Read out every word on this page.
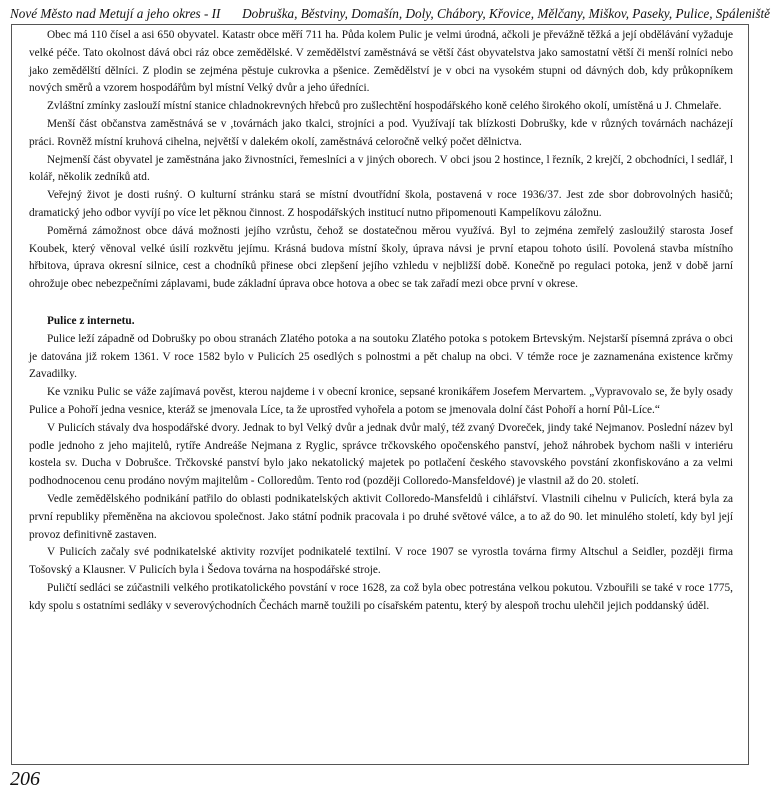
Nové Město nad Metují a jeho okres - II Dobruška, Běstviny, Domašín, Doly, Chábory, Křovice, Mělčany, Miškov, Paseky, Pulice, Spáleniště

Obec má 110 čísel a asi 650 obyvatel. Katastr obce měří 711 ha. Půda kolem Pulic je velmi úrodná, ačkoli je převážně těžká a její obdělávání vyžaduje velké péče. Tato okolnost dává obci ráz obce zemědělské. V zemědělství zaměstnává se větší část obyvatelstva jako samostatní větší či menší rolníci nebo jako zemědělští dělníci. Z plodin se zejména pěstuje cukrovka a pšenice. Zemědělství je v obci na vysokém stupni od dávných dob, kdy průkopníkem nových směrů a vzorem hospodářům byl místní Velký dvůr a jeho úředníci.

Zvláštní zmínky zaslouží místní stanice chladnokrevných hřebců pro zušlechtění hospodářského koně celého širokého okolí, umístěná u J. Chmelaře.

Menší část občanstva zaměstnává se v ,továrnách jako tkalci, strojníci a pod. Využívají tak blízkosti Dobrušky, kde v různých továrnách nacházejí práci. Rovněž místní kruhová cihelna, největší v dalekém okolí, zaměstnává celoročně velký počet dělnictva.

Nejmenší část obyvatel je zaměstnána jako živnostníci, řemeslníci a v jiných oborech. V obci jsou 2 hostince, l řezník, 2 krejčí, 2 obchodníci, l sedlář, l kolář, několik zedníků atd.

Veřejný život je dosti ruśný. O kulturní stránku stará se místní dvoutřídní škola, postavená v roce 1936/37. Jest zde sbor dobrovolných hasičů; dramatický jeho odbor vyvíjí po více let pěknou činnost. Z hospodářských institucí nutno připomenouti Kampelíkovu záložnu.

Poměrná zámožnost obce dává možnosti jejího vzrůstu, čehož se dostatečnou měrou využívá. Byl to zejména zemřelý zasloužilý starosta Josef Koubek, který věnoval velké úsilí rozkvětu jejímu. Krásná budova místní školy, úprava návsi je první etapou tohoto úsilí. Povolená stavba místního hřbitova, úprava okresní silnice, cest a chodníků přinese obci zlepšení jejího vzhledu v nejbližší době. Konečně po regulaci potoka, jenž v době jarní ohrožuje obec nebezpečními záplavami, bude základní úprava obce hotova a obec se tak zařadí mezi obce první v okrese.

Pulice z internetu.

Pulice leží západně od Dobrušky po obou stranách Zlatého potoka a na soutoku Zlatého potoka s potokem Brtevským. Nejstarší písemná zpráva o obci je datována již rokem 1361. V roce 1582 bylo v Pulicích 25 osedlých s polnostmi a pět chalup na obci. V témže roce je zaznamenána existence krčmy Zavadilky.

Ke vzniku Pulic se váže zajímavá pověst, kterou najdeme i v obecní kronice, sepsané kronikářem Josefem Mervartem. „Vypravovalo se, že byly osady Pulice a Pohoří jedna vesnice, kteráž se jmenovala Líce, ta že uprostřed vyhořela a potom se jmenovala dolní část Pohoří a horní Půl-Líce.“

V Pulicích stávaly dva hospodářské dvory. Jednak to byl Velký dvůr a jednak dvůr malý, též zvaný Dvoreček, jindy také Nejmanov. Poslední název byl podle jednoho z jeho majitelů, rytíře Andreáše Nejmana z Ryglic, správce trčkovského opočenského panství, jehož náhrobek bychom našli v interiéru kostela sv. Ducha v Dobrušce. Trčkovské panství bylo jako nekatolický majetek po potlačení českého stavovského povstání zkonfiskováno a za velmi podhodnocenou cenu prodáno novým majitelům - Colloredům. Tento rod (později Colloredo-Mansfeldové) je vlastnil až do 20. století.

Vedle zemědělského podnikání patřilo do oblasti podnikatelských aktivit Colloredo-Mansfeldů i cihlářství. Vlastnili cihelnu v Pulicích, která byla za první republiky přeměněna na akciovou společnost. Jako státní podnik pracovala i po druhé světové válce, a to až do 90. let minulého století, kdy byl její provoz definitivně zastaven.

V Pulicích začaly své podnikatelské aktivity rozvíjet podnikatelé textilní. V roce 1907 se vyrostla továrna firmy Altschul a Seidler, později firma Tošovský a Klausner. V Pulicích byla i Šedova továrna na hospodářské stroje.

Puličtí sedláci se zúčastnili velkého protikatolického povstání v roce 1628, za což byla obec potrestána velkou pokutou. Vzbouřili se také v roce 1775, kdy spolu s ostatními sedláky v severovýchodních Čechách marně toužili po císařském patentu, který by alespoň trochu ulehčil jejich poddanský úděl.

206
